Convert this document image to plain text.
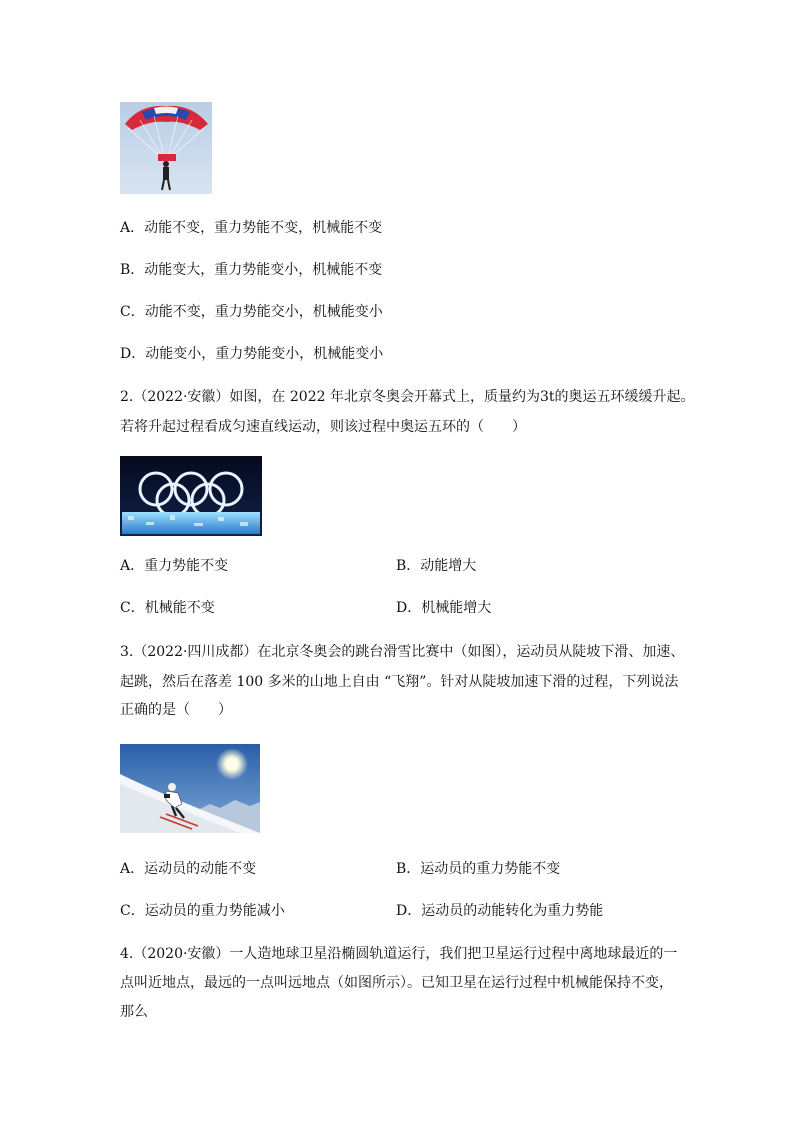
A．动能不变，重力势能不变，机械能不变
B．动能变大，重力势能变小，机械能不变
C．动能不变，重力势能交小，机械能变小
D．动能变小，重力势能变小，机械能变小
2.（2022·安徽）如图，在 2022 年北京冬奥会开幕式上，质量约为3t的奥运五环缓缓升起。
若将升起过程看成匀速直线运动，则该过程中奥运五环的（　　）
A．重力势能不变	B．动能增大
C．机械能不变	D．机械能增大
3.（2022·四川成都）在北京冬奥会的跳台滑雪比赛中（如图），运动员从陡坡下滑、加速、
起跳，然后在落差 100 多米的山地上自由 “飞翔”。针对从陡坡加速下滑的过程，下列说法
正确的是（　　）
A．运动员的动能不变	B．运动员的重力势能不变
C．运动员的重力势能减小	D．运动员的动能转化为重力势能
4.（2020·安徽）一人造地球卫星沿椭圆轨道运行，我们把卫星运行过程中离地球最近的一
点叫近地点，最远的一点叫远地点（如图所示）。已知卫星在运行过程中机械能保持不变，
那么
